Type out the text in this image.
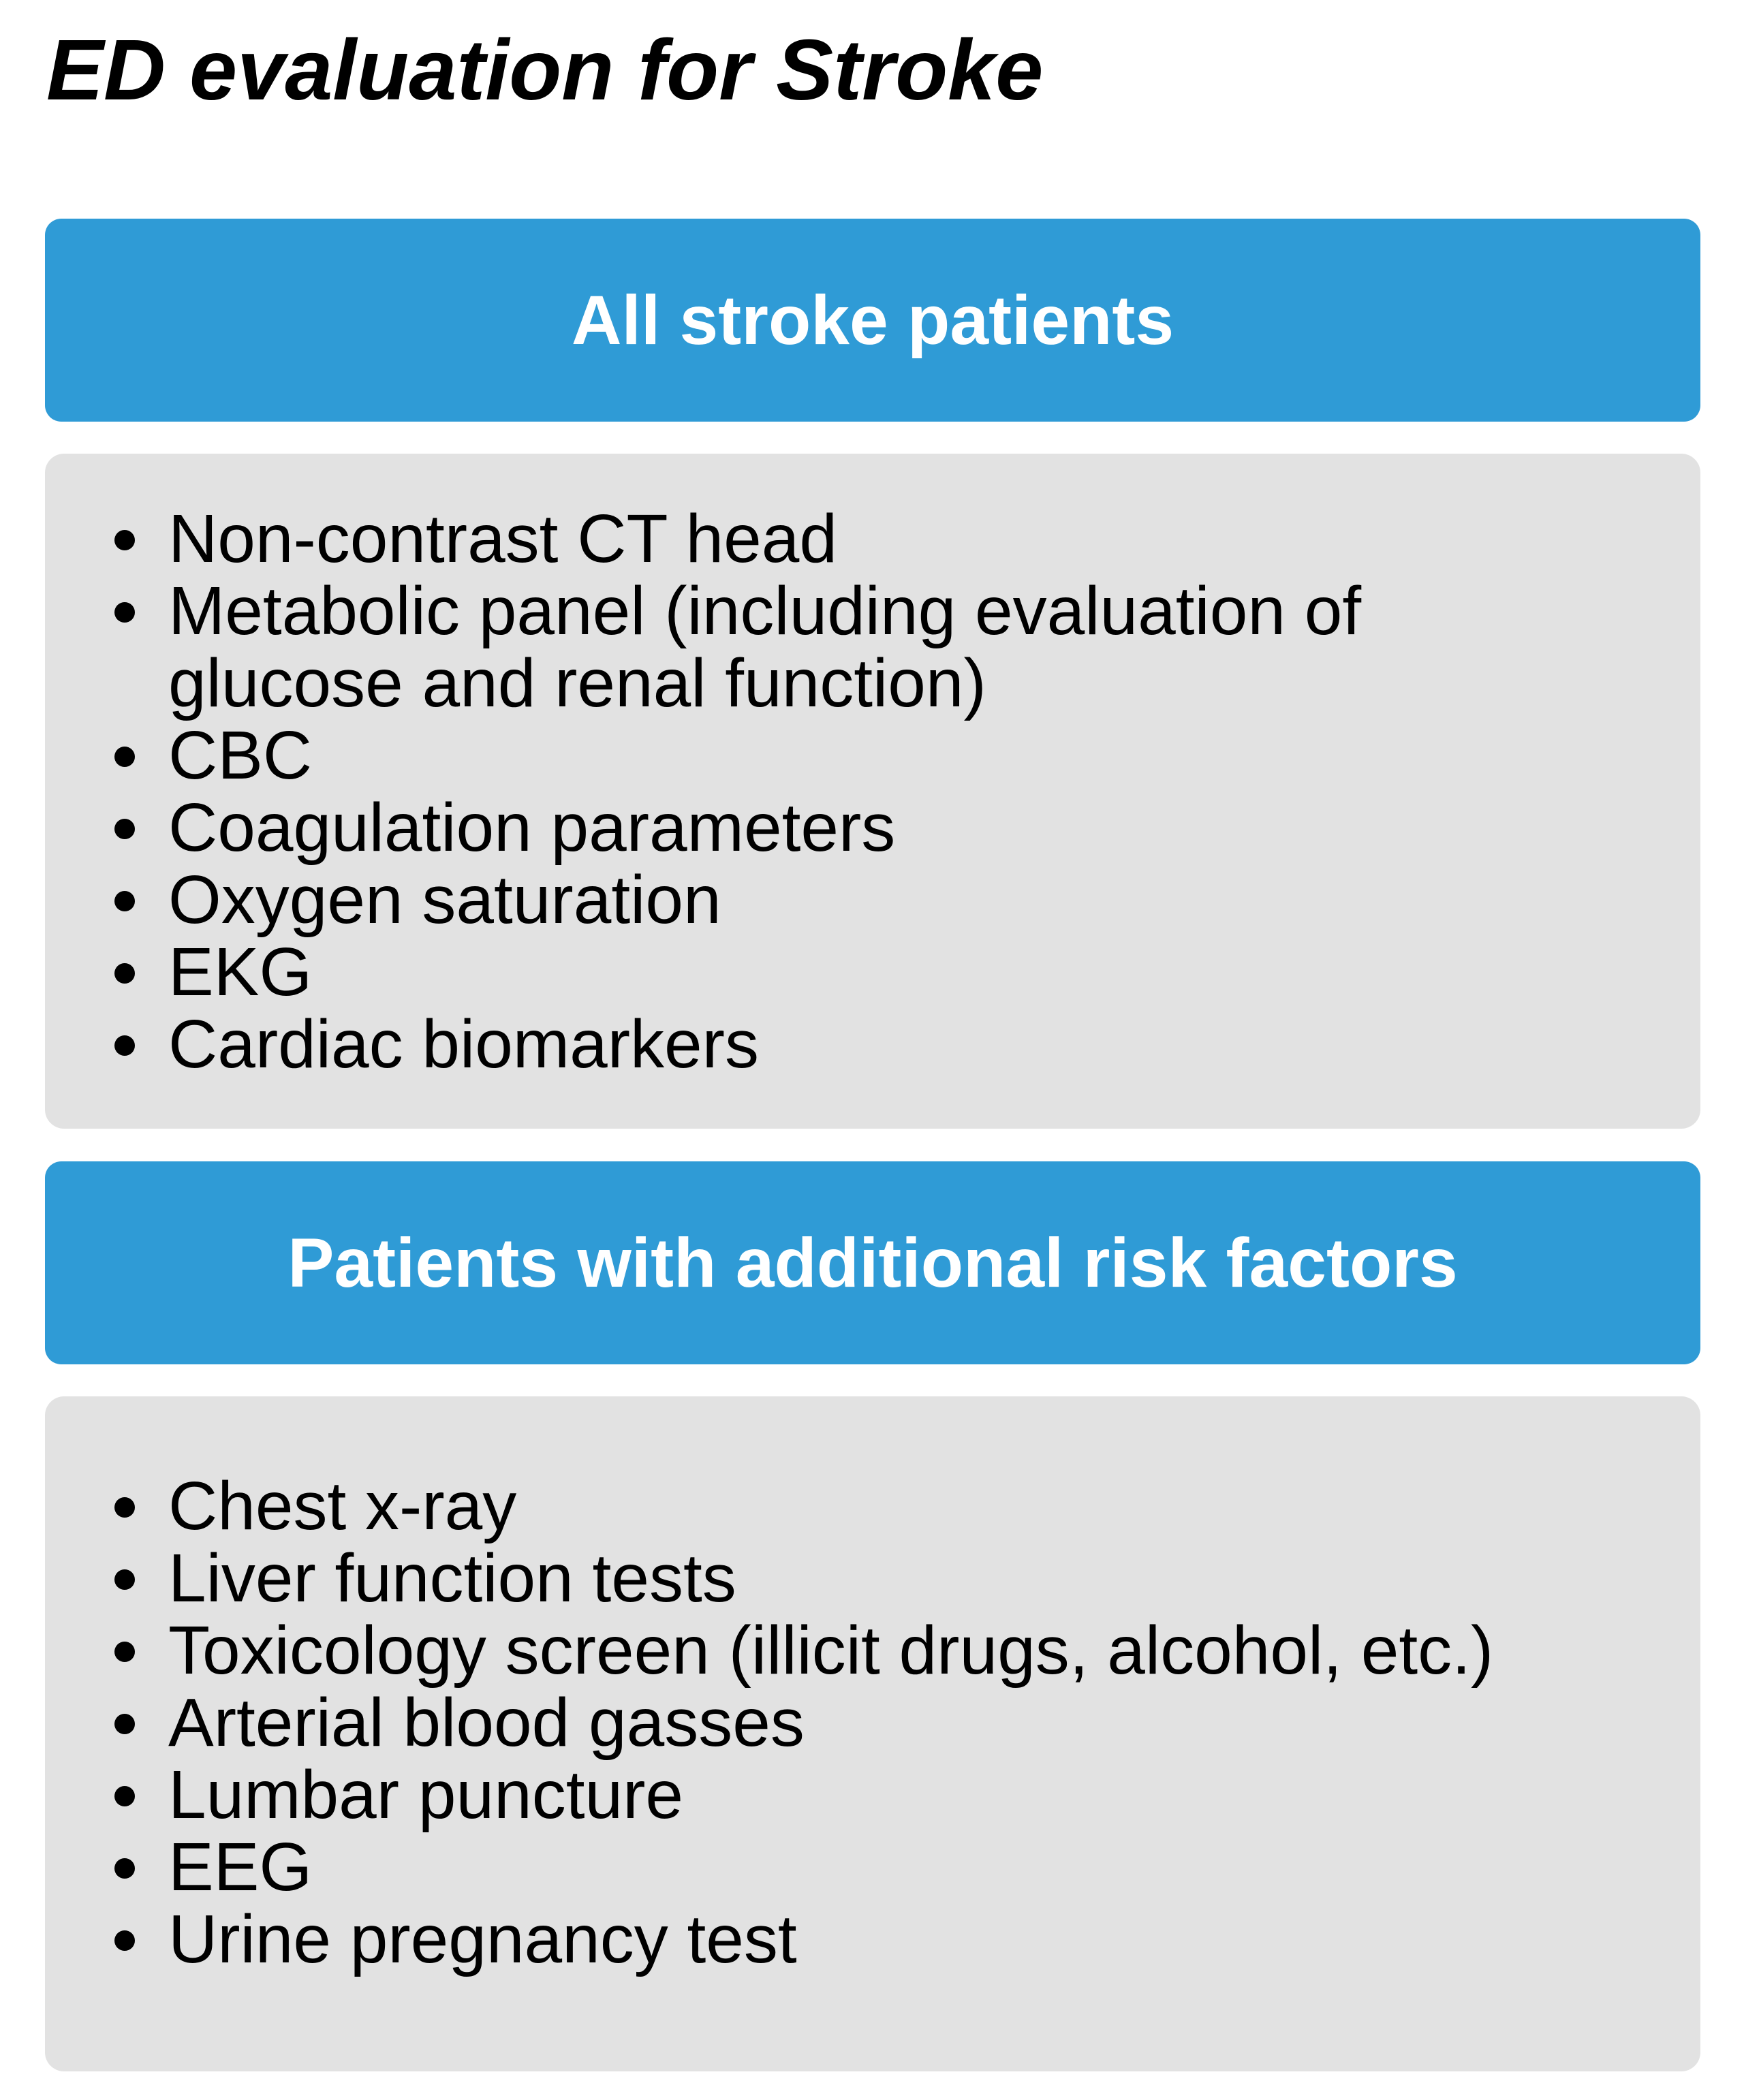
ED evaluation for Stroke
All stroke patients
Non-contrast CT head
Metabolic panel (including evaluation of glucose and renal function)
CBC
Coagulation parameters
Oxygen saturation
EKG
Cardiac biomarkers
Patients with additional risk factors
Chest x-ray
Liver function tests
Toxicology screen (illicit drugs, alcohol, etc.)
Arterial blood gasses
Lumbar puncture
EEG
Urine pregnancy test
